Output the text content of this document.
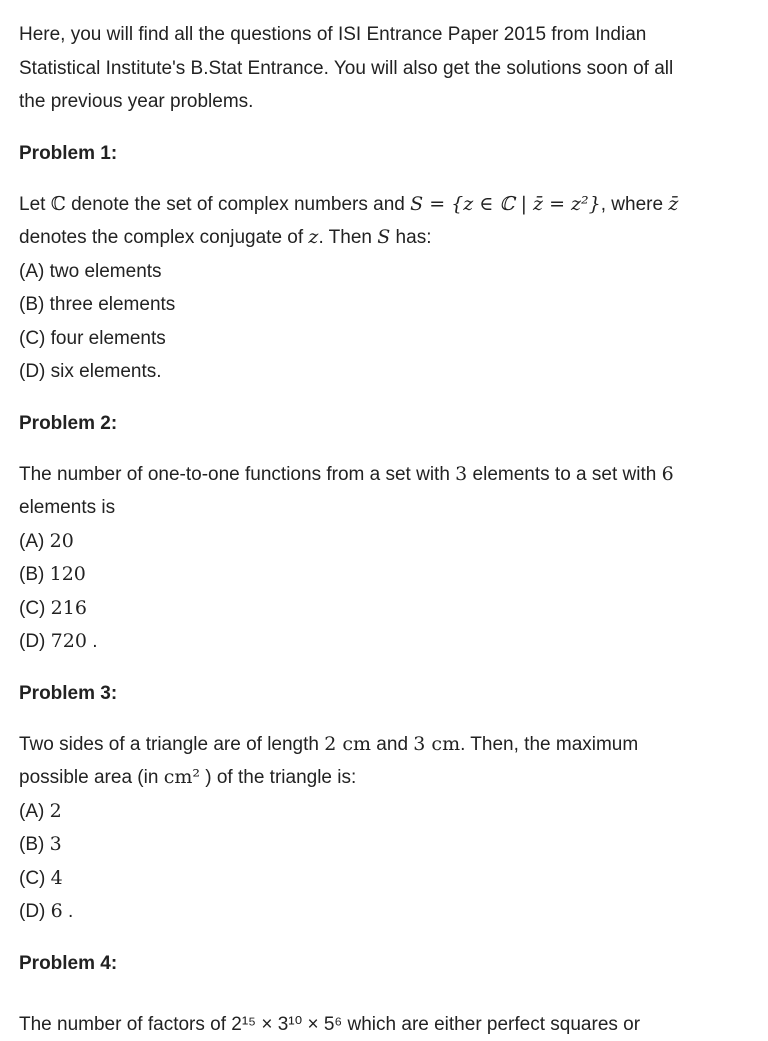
Here, you will find all the questions of ISI Entrance Paper 2015 from Indian
Statistical Institute's B.Stat Entrance. You will also get the solutions soon of all
the previous year problems.

Problem 1:

Let ℂ denote the set of complex numbers and S = {z ∈ ℂ | z̄ = z²}, where z̄
denotes the complex conjugate of z. Then S has:

(A) two elements

(B) three elements

(C) four elements

(D) six elements.

Problem 2:

The number of one-to-one functions from a set with 3 elements to a set with 6
elements is

(A) 20

(B) 120

(C) 216

(D) 720 .

Problem 3:

Two sides of a triangle are of length 2 cm and 3 cm. Then, the maximum
possible area (in cm² ) of the triangle is:

(A) 2

(B) 3

(C) 4

(D) 6 .

Problem 4:

The number of factors of 2¹⁵ × 3¹⁰ × 5⁶ which are either perfect squares or
